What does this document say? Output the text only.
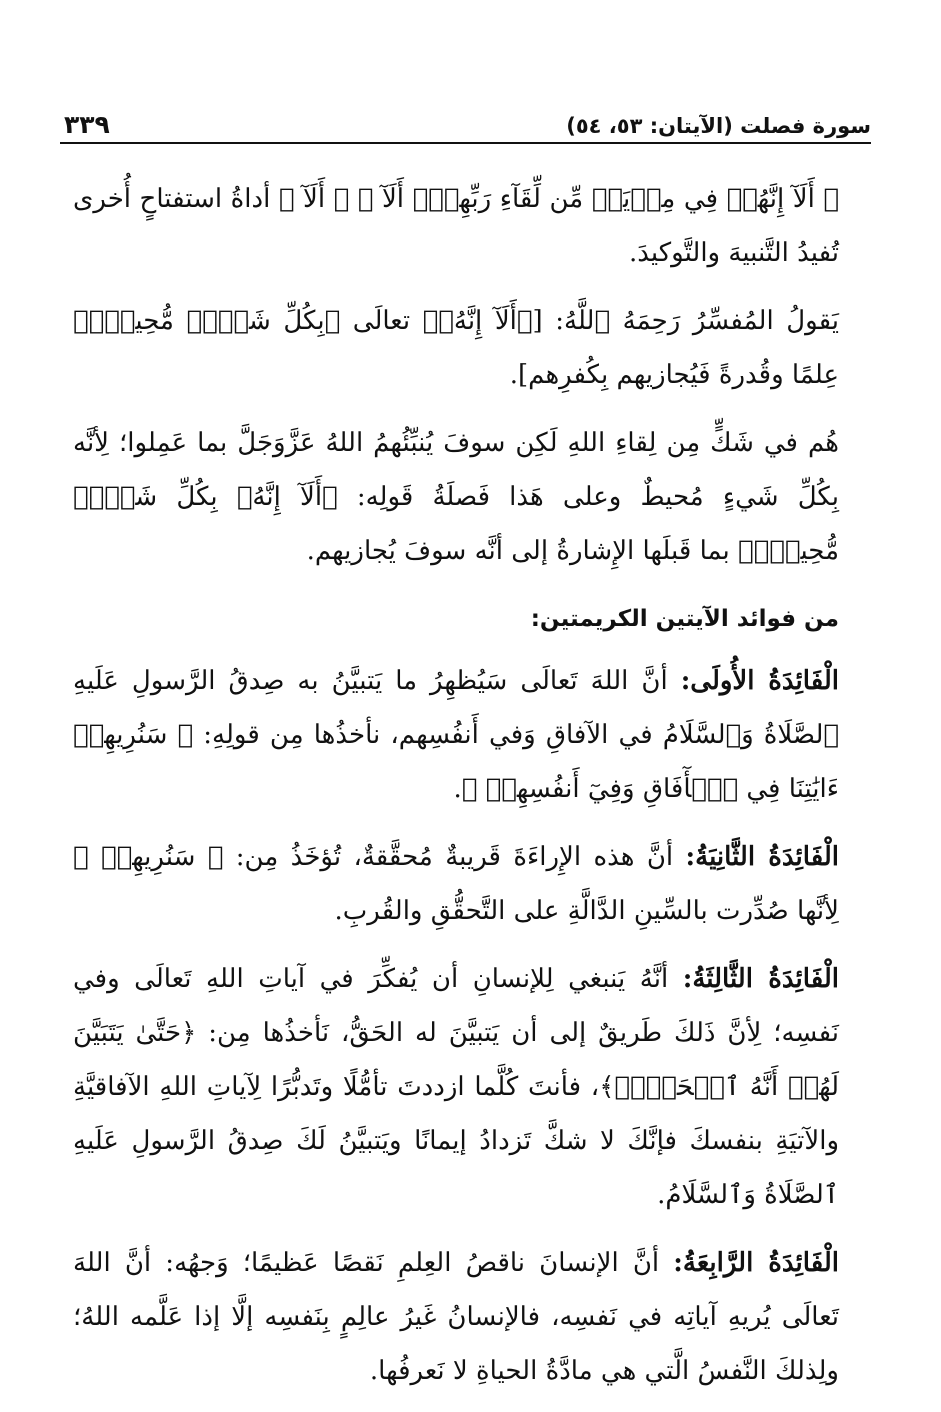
٣٣٩	سورة فصلت (الآيتان: ٥٣، ٥٤)

﴿ أَلَآ إِنَّهُمۡ فِي مِرۡيَةٖ مِّن لِّقَآءِ رَبِّهِمۡۗ أَلَآ ﴾ ﴿ أَلَآ ﴾ أداةُ استفتاحٍ أُخرى تُفيدُ التَّنبيهَ والتَّوكيدَ.

يَقولُ المُفسِّرُ رَحِمَهُ ٱللَّهُ: [﴿أَلَآ إِنَّهُۥ﴾ تعالَى ﴿بِكُلِّ شَيۡءٖ مُّحِيطُۢ﴾ عِلمًا وقُدرةً فَيُجازيهم بِكُفرِهم].

هُم في شَكٍّ مِن لِقاءِ اللهِ لَكِن سوفَ يُنبِّئُهمُ اللهُ عَزَّوَجَلَّ بما عَمِلوا؛ لِأنَّه بِكُلِّ شَيءٍ مُحيطٌ وعلى هَذا فَصلَةُ قَولِه: ﴿أَلَآ إِنَّهُۥ بِكُلِّ شَيۡءٖ مُّحِيطُۢ﴾ بما قَبلَها الإِشارةُ إلى أنَّه سوفَ يُجازيهم.

من فوائد الآيتين الكريمتين:

الْفَائِدَةُ الأُولَى: أنَّ اللهَ تَعالَى سَيُظهِرُ ما يَتبيَّنُ به صِدقُ الرَّسولِ عَلَيهِ ٱلصَّلَاةُ وَٱلسَّلَامُ في الآفاقِ وَفي أَنفُسِهم، نأخذُها مِن قولِهِ: ﴿ سَنُرِيهِمۡ ءَايَٰتِنَا فِي ٱلۡأٓفَاقِ وَفِيٓ أَنفُسِهِمۡ ﴾.

الْفَائِدَةُ الثَّانِيَةُ: أنَّ هذه الإِراءَةَ قَريبةٌ مُحقَّقةٌ، تُؤخَذُ مِن: ﴿ سَنُرِيهِمۡ ﴾ لِأنَّها صُدِّرت بالسِّينِ الدَّالَّةِ على التَّحقُّقِ والقُربِ.

الْفَائِدَةُ الثَّالِثَةُ: أنَّهُ يَنبغي لِلإنسانِ أن يُفكِّرَ في آياتِ اللهِ تَعالَى وفي نَفسِه؛ لِأنَّ ذَلكَ طَريقٌ إلى أن يَتبيَّنَ له الحَقُّ، نَأخذُها مِن: ﴿حَتَّىٰ يَتَبَيَّنَ لَهُمۡ أَنَّهُ ٱلۡحَقُّۗ﴾، فأنتَ كُلَّما ازددتَ تأمُّلًا وتَدبُّرًا لِآياتِ اللهِ الآفاقيَّةِ والآتيَةِ بنفسكَ فإنَّكَ لا شكَّ تَزدادُ إيمانًا ويَتبيَّنُ لَكَ صِدقُ الرَّسولِ عَلَيهِ ٱلصَّلَاةُ وَٱلسَّلَامُ.

الْفَائِدَةُ الرَّابِعَةُ: أنَّ الإنسانَ ناقصُ العِلمِ نَقصًا عَظيمًا؛ وَجهُه: أنَّ اللهَ تَعالَى يُريهِ آياتِه في نَفسِه، فالإنسانُ غَيرُ عالِمٍ بِنَفسِه إلَّا إذا عَلَّمه اللهُ؛ ولِذلكَ النَّفسُ الَّتي هي مادَّةُ الحياةِ لا نَعرفُها.
